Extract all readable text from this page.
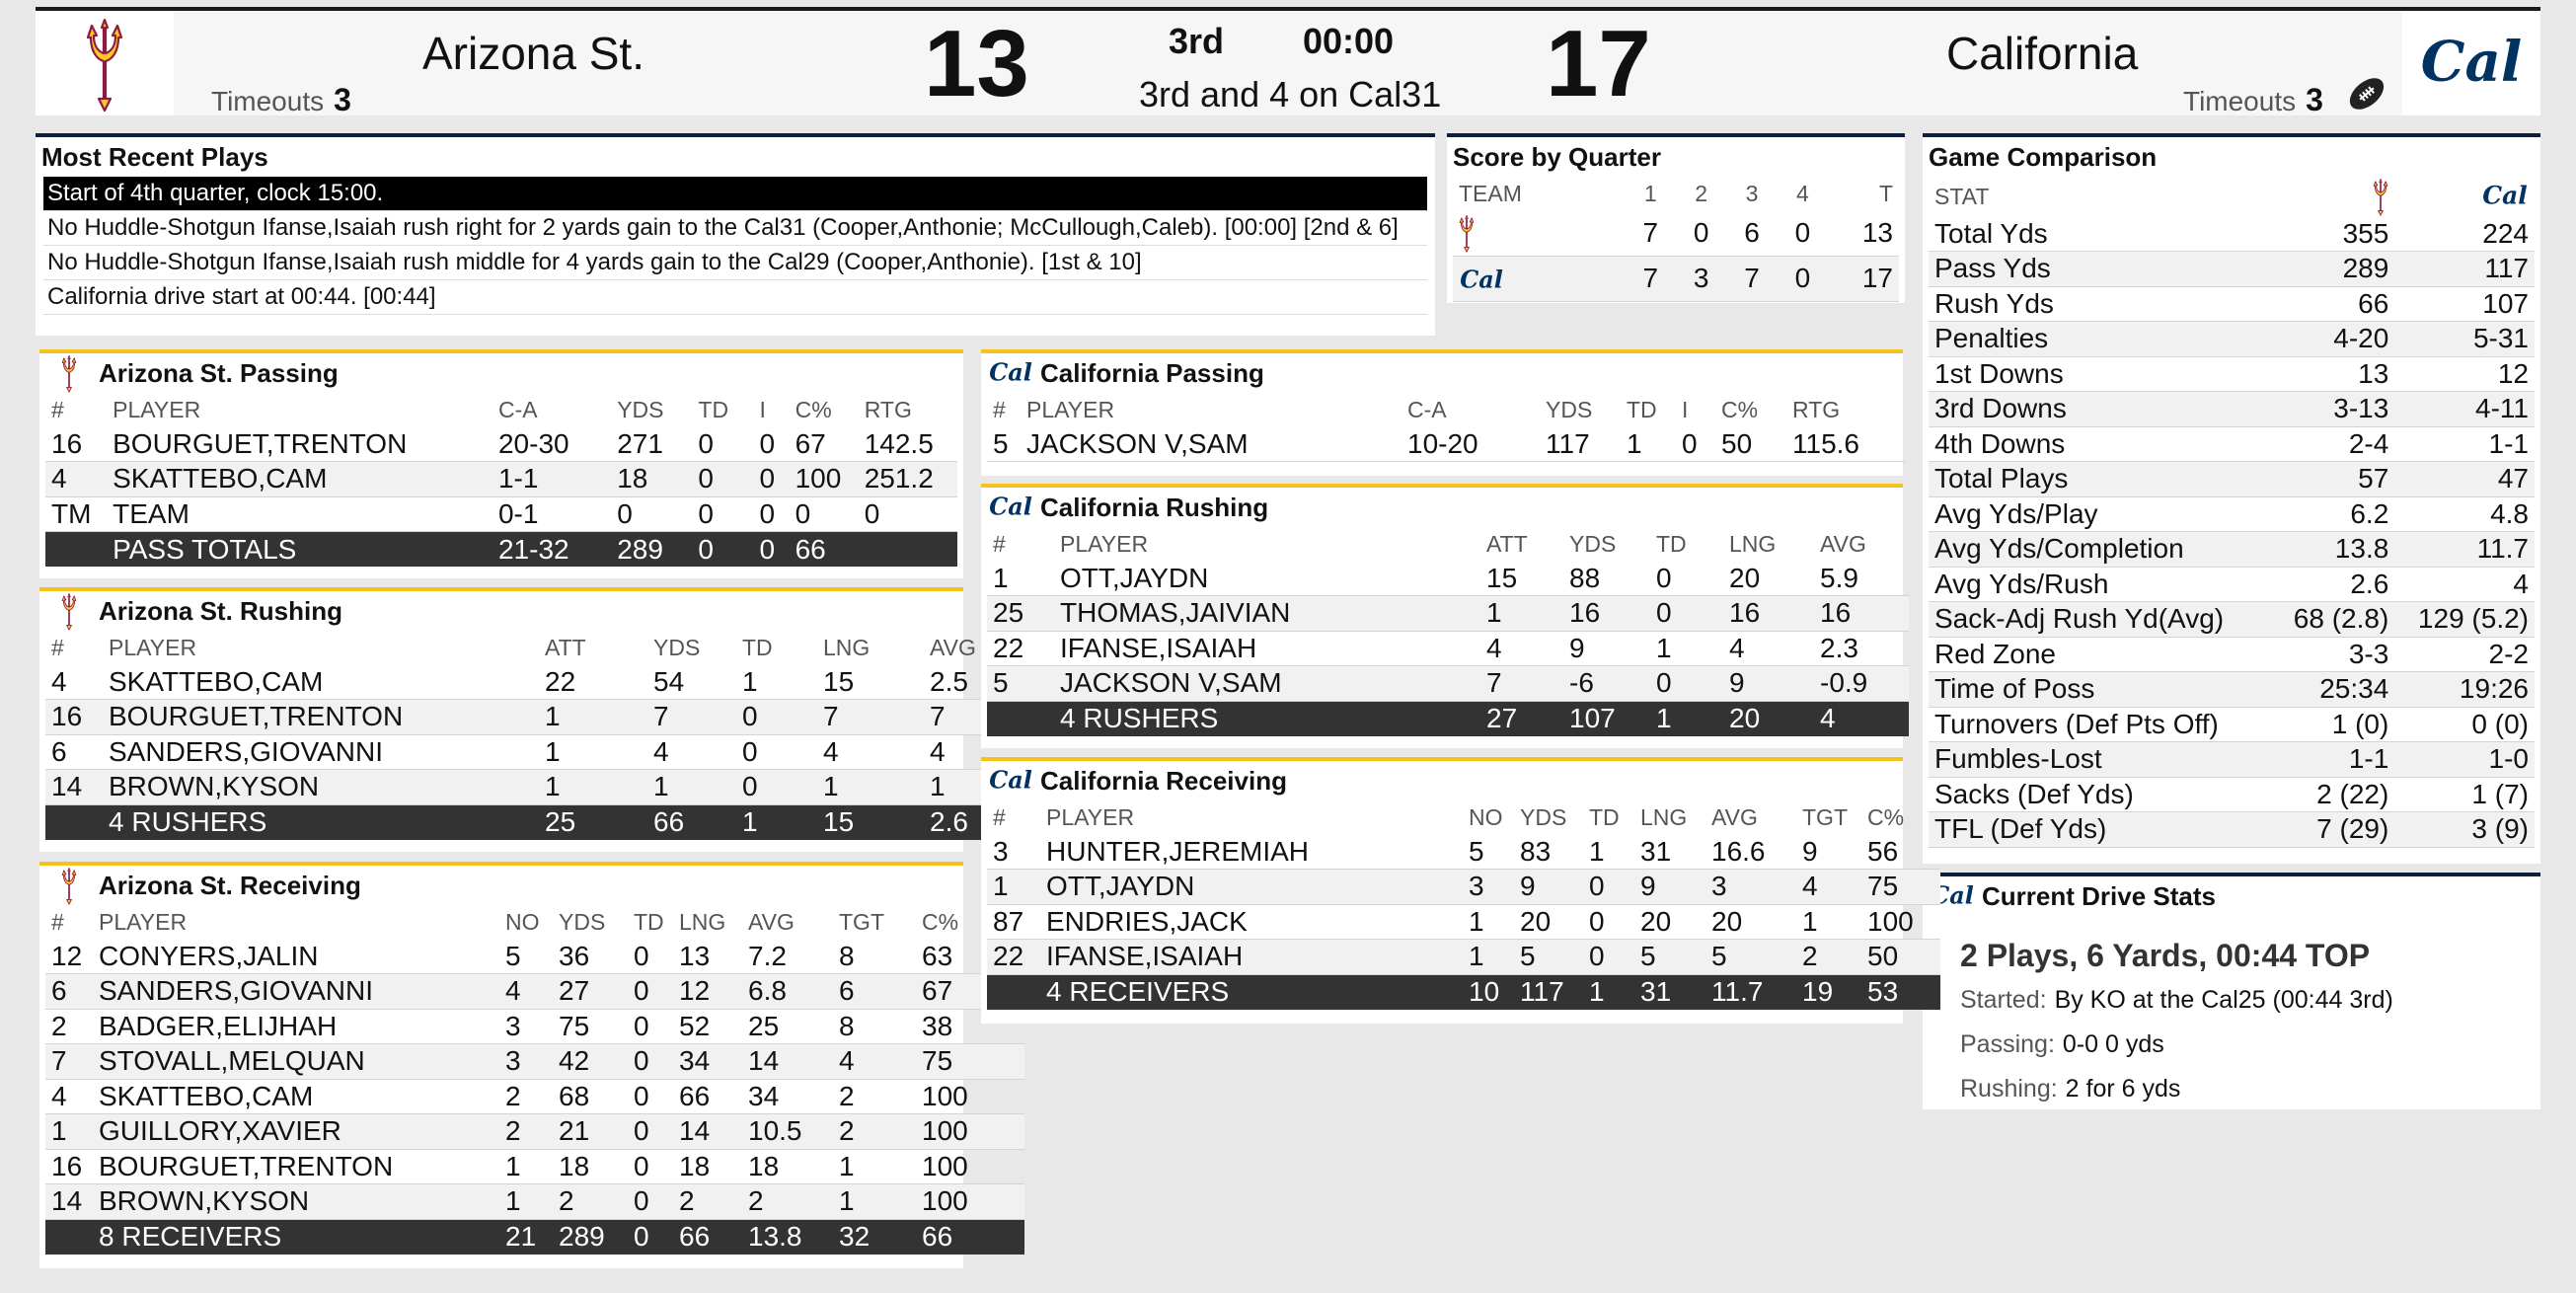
Arizona St.
Timeouts 3	13	3rd 00:00
3rd and 4 on Cal31 17	California
Timeouts 3
Most Recent Plays
Start of 4th quarter, clock 15:00.
No Huddle-Shotgun Ifanse,Isaiah rush right for 2 yards gain to the Cal31 (Cooper,Anthonie; McCullough,Caleb). [00:00] [2nd & 6]
No Huddle-Shotgun Ifanse,Isaiah rush middle for 4 yards gain to the Cal29 (Cooper,Anthonie). [1st & 10]
California drive start at 00:44. [00:44]
Score by Quarter
TEAM	1	2	3	4	T
	7	0	6	0	13
	7	3	7	0	17
Game Comparison
STAT		
Total Yds	355	224
Pass Yds	289	117
Rush Yds	66	107
Penalties	4-20	5-31
1st Downs	13	12
3rd Downs	3-13	4-11
4th Downs	2-4	1-1
Total Plays	57	47
Avg Yds/Play	6.2	4.8
Avg Yds/Completion	13.8	11.7
Avg Yds/Rush	2.6	4
Sack-Adj Rush Yd(Avg)	68 (2.8)	129 (5.2)
Red Zone	3-3	2-2
Time of Poss	25:34	19:26
Turnovers (Def Pts Off)	1 (0)	0 (0)
Fumbles-Lost	1-1	1-0
Sacks (Def Yds)	2 (22)	1 (7)
TFL (Def Yds)	7 (29)	3 (9)
Current Drive Stats
2 Plays, 6 Yards, 00:44 TOP
Started: By KO at the Cal25 (00:44 3rd)
Passing: 0-0 0 yds
Rushing: 2 for 6 yds
Arizona St. Passing
#	PLAYER	C-A	YDS	TD	I	C%	RTG
16	BOURGUET,TRENTON	20-30	271	0	0	67	142.5
4	SKATTEBO,CAM	1-1	18	0	0	100	251.2
TM	TEAM	0-1	0	0	0	0	0
	PASS TOTALS	21-32	289	0	0	66	
Arizona St. Rushing
#	PLAYER	ATT	YDS	TD	LNG	AVG
4	SKATTEBO,CAM	22	54	1	15	2.5
16	BOURGUET,TRENTON	1	7	0	7	7
6	SANDERS,GIOVANNI	1	4	0	4	4
14	BROWN,KYSON	1	1	0	1	1
	4 RUSHERS	25	66	1	15	2.6
Arizona St. Receiving
#	PLAYER	NO	YDS	TD	LNG	AVG	TGT	C%
12	CONYERS,JALIN	5	36	0	13	7.2	8	63
6	SANDERS,GIOVANNI	4	27	0	12	6.8	6	67
2	BADGER,ELIJHAH	3	75	0	52	25	8	38
7	STOVALL,MELQUAN	3	42	0	34	14	4	75
4	SKATTEBO,CAM	2	68	0	66	34	2	100
1	GUILLORY,XAVIER	2	21	0	14	10.5	2	100
16	BOURGUET,TRENTON	1	18	0	18	18	1	100
14	BROWN,KYSON	1	2	0	2	2	1	100
	8 RECEIVERS	21	289	0	66	13.8	32	66
California Passing
#	PLAYER	C-A	YDS	TD	I	C%	RTG
5	JACKSON V,SAM	10-20	117	1	0	50	115.6
California Rushing
#	PLAYER	ATT	YDS	TD	LNG	AVG
1	OTT,JAYDN	15	88	0	20	5.9
25	THOMAS,JAIVIAN	1	16	0	16	16
22	IFANSE,ISAIAH	4	9	1	4	2.3
5	JACKSON V,SAM	7	-6	0	9	-0.9
	4 RUSHERS	27	107	1	20	4
California Receiving
#	PLAYER	NO	YDS	TD	LNG	AVG	TGT	C%
3	HUNTER,JEREMIAH	5	83	1	31	16.6	9	56
1	OTT,JAYDN	3	9	0	9	3	4	75
87	ENDRIES,JACK	1	20	0	20	20	1	100
22	IFANSE,ISAIAH	1	5	0	5	5	2	50
	4 RECEIVERS	10	117	1	31	11.7	19	53
